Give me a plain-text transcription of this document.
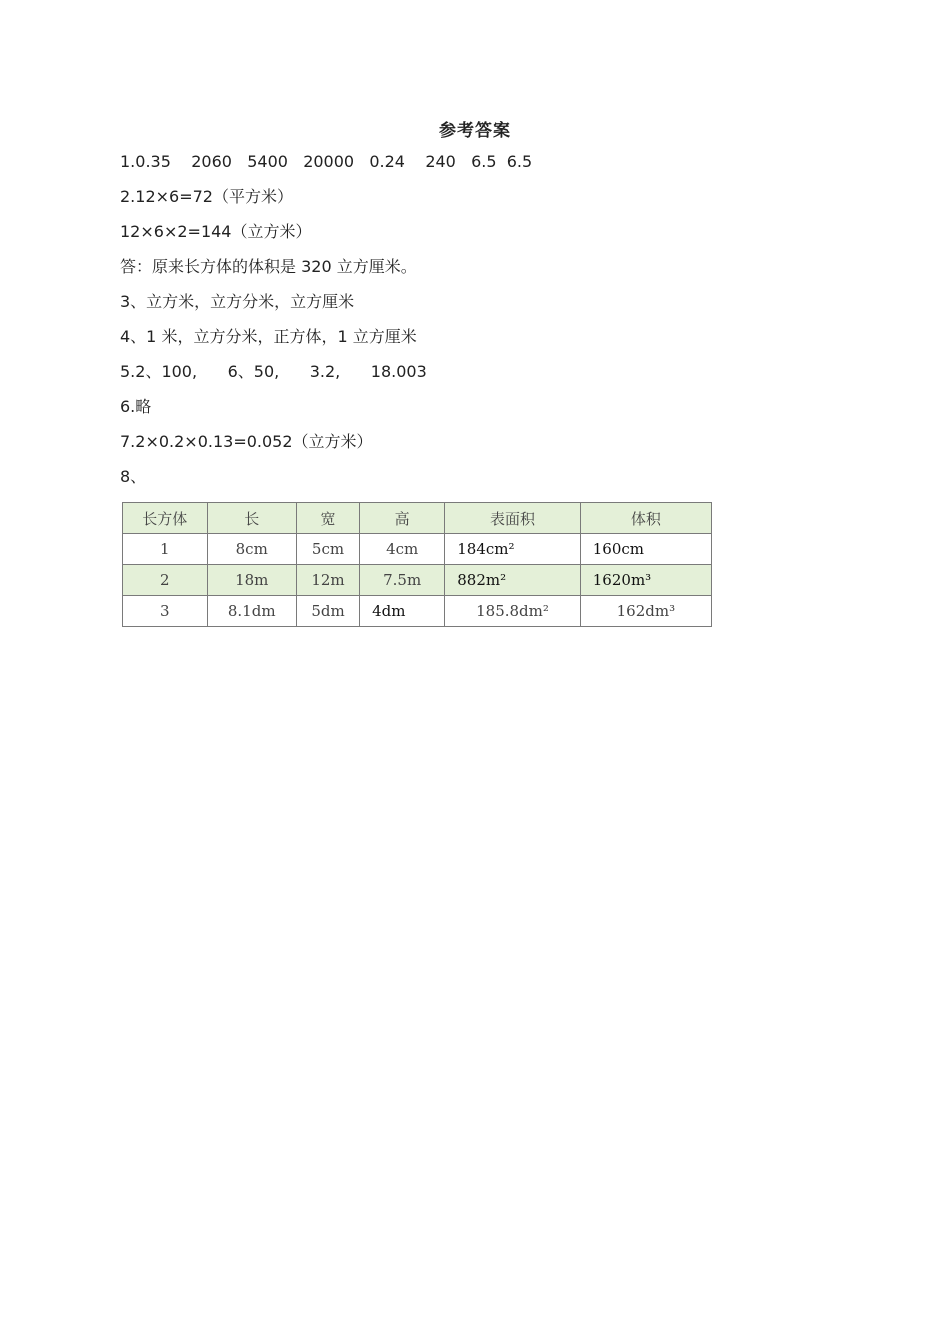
参考答案
1.0.35    2060   5400   20000   0.24    240   6.5  6.5
2.12×6=72（平方米）
12×6×2=144（立方米）
答：原来长方体的体积是 320 立方厘米。
3、立方米，立方分米，立方厘米
4、1 米，立方分米，正方体，1 立方厘米
5.2、100,      6、50,      3.2,      18.003
6.略
7.2×0.2×0.13=0.052（立方米）
8、
长方体	长	宽	高	表面积	体积
1	8cm	5cm	4cm	184cm²	160cm
2	18m	12m	7.5m	882m²	1620m³
3	8.1dm	5dm	4dm	185.8dm²	162dm³
